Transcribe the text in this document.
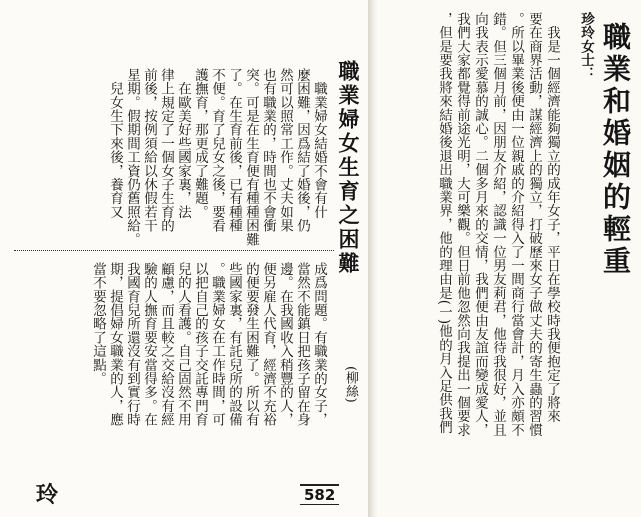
職業和婚姻的輕重
珍玲女士：
　我是一個經濟能夠獨立的成年女子，平日在學校時我便抱定了將來
要在商界活動，謀經濟上的獨立，打破歷來女子做丈夫的寄生蟲的習慣
。所以畢業後便由一位親戚的介紹得入了一間商行當會計，月入亦頗不
錯。但三個月前，因朋友介紹，認識一位男友莉君，他待我很好，並且
向我表示愛慕的誠心。二個多月來的交情，我們便由友誼而變成愛人，
我們大家都覺得前途光明，大可樂觀。但日前他忽然向我提出一個要求
，但是要我將來結婚後退出職業界，他的理由是(一)他的月入足供我們
職業婦女生育之困難
　職業婦女結婚不會有什
麼困難，因爲結了婚後，仍
然可以照常工作。丈夫如果
也有職業的，時間也不會衝
突。可是在生育便有種種困難
了。在生育前後，已有種種
不便。育了兒女之後，要看
護撫育，那更成了難題。
　在歐美好些國家裏，法
律上規定了一個女子生育的
前後，按例須給以休假若干
星期。假期間工資仍舊照給。
　兒女生下來後，養育又
(柳絲)
成爲問題。有職業的女子，
當然不能鎮日把孩子留在身
邊。在我國收入稍豐的人，
便另雇人代育，經濟不充裕
的便要發生困難了。所以有
些國家裏，有託兒所的設備
。職業婦女在工作時間，可
以把自己的孩子交託專門育
兒的人看護。自己固然不用
顧慮，而且較之交給沒有經
驗的人撫育要安當得多。在
我國育兒所還沒有到實行時
期，提倡婦女職業的人，應
當不要忽略了這點。
582
玲
